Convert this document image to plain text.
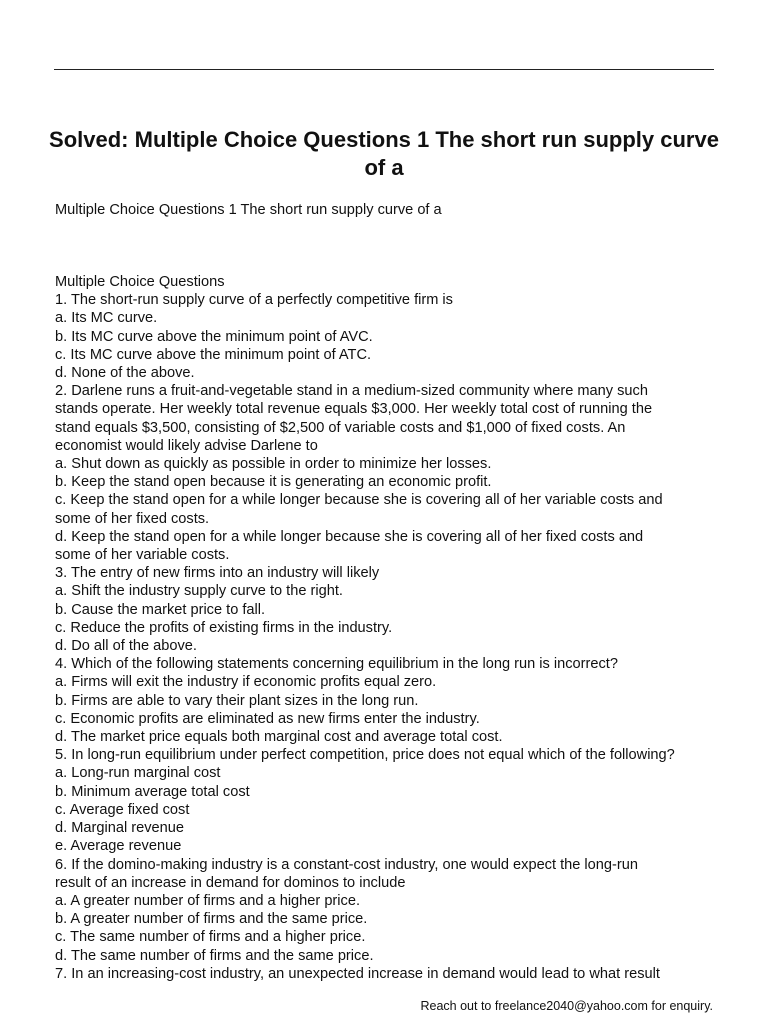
Solved: Multiple Choice Questions 1 The short run supply curve of a
Multiple Choice Questions 1 The short run supply curve of a
Multiple Choice Questions
1. The short-run supply curve of a perfectly competitive firm is
a. Its MC curve.
b. Its MC curve above the minimum point of AVC.
c. Its MC curve above the minimum point of ATC.
d. None of the above.
2. Darlene runs a fruit-and-vegetable stand in a medium-sized community where many such
stands operate. Her weekly total revenue equals $3,000. Her weekly total cost of running the
stand equals $3,500, consisting of $2,500 of variable costs and $1,000 of fixed costs. An
economist would likely advise Darlene to
a. Shut down as quickly as possible in order to minimize her losses.
b. Keep the stand open because it is generating an economic profit.
c. Keep the stand open for a while longer because she is covering all of her variable costs and
some of her fixed costs.
d. Keep the stand open for a while longer because she is covering all of her fixed costs and
some of her variable costs.
3. The entry of new firms into an industry will likely
a. Shift the industry supply curve to the right.
b. Cause the market price to fall.
c. Reduce the profits of existing firms in the industry.
d. Do all of the above.
4. Which of the following statements concerning equilibrium in the long run is incorrect?
a. Firms will exit the industry if economic profits equal zero.
b. Firms are able to vary their plant sizes in the long run.
c. Economic profits are eliminated as new firms enter the industry.
d. The market price equals both marginal cost and average total cost.
5. In long-run equilibrium under perfect competition, price does not equal which of the following?
a. Long-run marginal cost
b. Minimum average total cost
c. Average fixed cost
d. Marginal revenue
e. Average revenue
6. If the domino-making industry is a constant-cost industry, one would expect the long-run
result of an increase in demand for dominos to include
a. A greater number of firms and a higher price.
b. A greater number of firms and the same price.
c. The same number of firms and a higher price.
d. The same number of firms and the same price.
7. In an increasing-cost industry, an unexpected increase in demand would lead to what result
Reach out to freelance2040@yahoo.com for enquiry.
